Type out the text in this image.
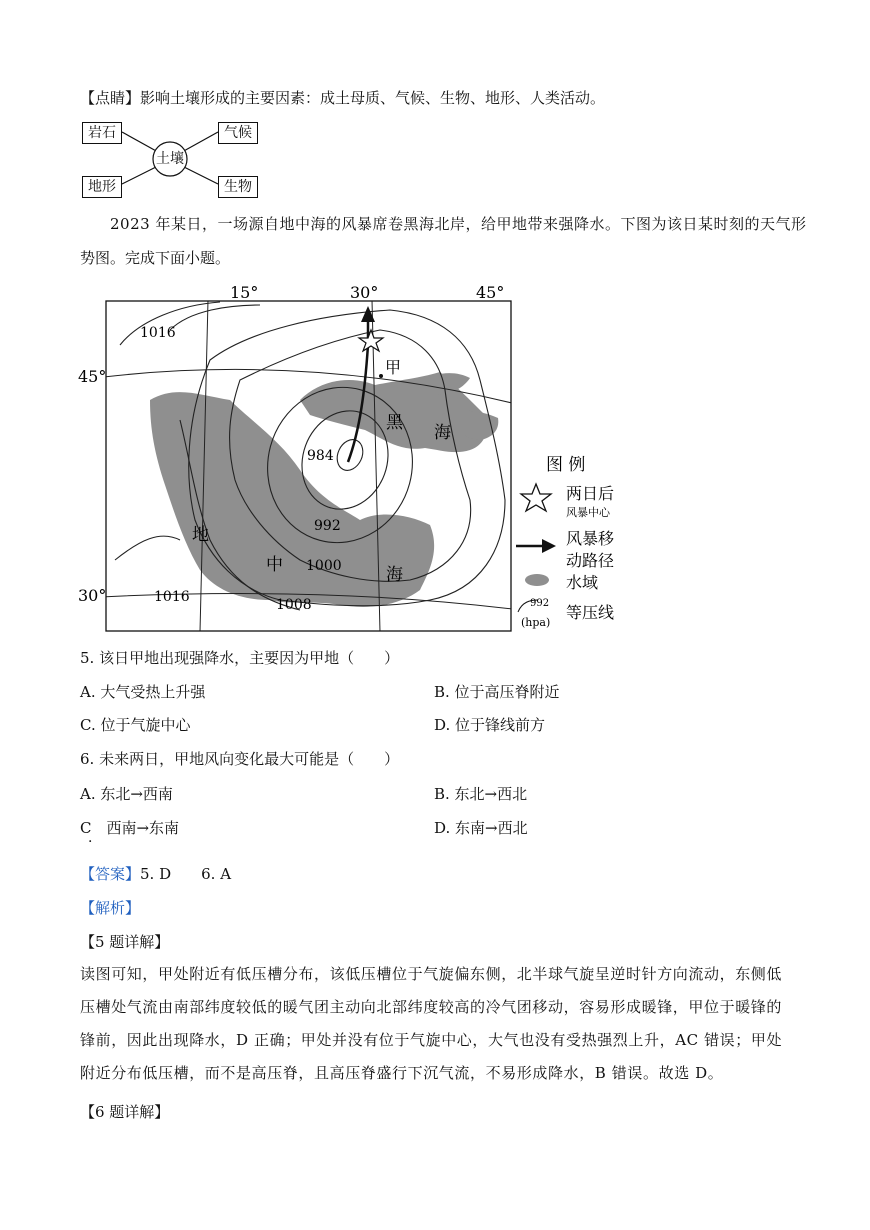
【点睛】影响土壤形成的主要因素：成土母质、气候、生物、地形、人类活动。
土壤
岩石	气候
地形	生物
2023 年某日，一场源自地中海的风暴席卷黑海北岸，给甲地带来强降水。下图为该日某时刻的天气形
势图。完成下面小题。
15°	30°	45°
45°
30°
1016
984
992
1000
1008
1016
甲
黑 海
地
中	海
图 例
两日后
风暴中心
风暴移
动路径
水域
992
(hpa)
等压线
5. 该日甲地出现强降水，主要因为甲地（　　）
A. 大气受热上升强	B. 位于高压脊附近
C. 位于气旋中心	D. 位于锋线前方
6. 未来两日，甲地风向变化最大可能是（　　）
A. 东北→西南	B. 东北→西北
C　西南→东南	D. 东南→西北
·
【答案】5. D　　6. A
【解析】
【5 题详解】
读图可知，甲处附近有低压槽分布，该低压槽位于气旋偏东侧，北半球气旋呈逆时针方向流动，东侧低压槽处气流由南部纬度较低的暖气团主动向北部纬度较高的冷气团移动，容易形成暖锋，甲位于暖锋的锋前，因此出现降水，D 正确；甲处并没有位于气旋中心，大气也没有受热强烈上升，AC 错误；甲处附近分布低压槽，而不是高压脊，且高压脊盛行下沉气流，不易形成降水，B 错误。故选 D。
【6 题详解】
